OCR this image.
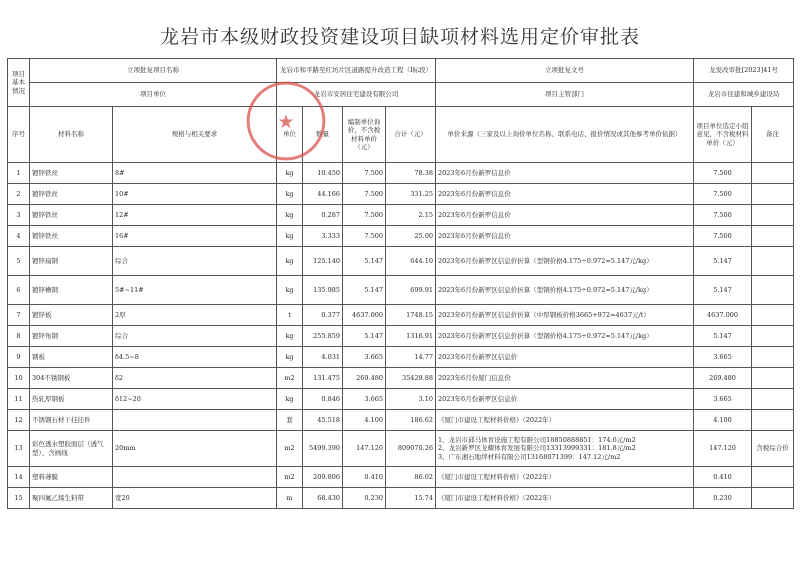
龙岩市本级财政投资建设项目缺项材料选用定价审批表
项目基本情况	立项批复项目名称		龙岩市和平路至红坊片区道路提升改造工程（Ⅰ标段）				立项批复文号	龙发改审批[2023]41号	
	项目单位		龙岩市安居住宅建设有限公司				项目主管部门	龙岩市住建和城乡建设局	
序号	材料名称	规格与相关要求	单位	数量	编制单位询价，不含税材料单价（元）	合计（元）	单价来源（三家及以上询价单位名称、联系电话、报价情况或其他参考单价依据）	项目单位选定小组意见，不含税材料单价（元）	备注
1	镀锌铁丝	8#	kg	10.450	7.500	78.38	2023年6月份新罗信息价	7.500	
2	镀锌铁丝	10#	kg	44.166	7.500	331.25	2023年6月份新罗信息价	7.500	
3	镀锌铁丝	12#	kg	0.287	7.500	2.15	2023年6月份新罗信息价	7.500	
4	镀锌铁丝	16#	kg	3.333	7.500	25.00	2023年6月份新罗信息价	7.500	
5	镀锌扁钢	综合	kg	125.140	5.147	644.10	2023年6月份新罗区信息价折算（型钢价格4.175÷0.972=5.147元/kg）	5.147	
6	镀锌槽钢	5#~11#	kg	135.985	5.147	699.91	2023年6月份新罗区信息价折算（型钢价格4.175÷0.972=5.147元/kg）	5.147	
7	镀锌板	2厚	t	0.377	4637.000	1748.15	2023年6月份新罗区信息价折算（中厚钢板价格3665+972=4637元/t）	4637.000	
8	镀锌角钢	综合	kg	255.859	5.147	1316.91	2023年6月份新罗区信息价折算（型钢价格4.175÷0.972=5.147元/kg）	5.147	
9	钢板	δ4.5~8	kg	4.031	3.665	14.77	2023年6月份新罗区信息价	3.665	
10	304不锈钢板	δ2	m2	131.475	269.480	35429.88	2023年6月份厦门信息价	269.480	
11	热轧厚钢板	δ12~20	kg	0.846	3.665	3.10	2023年6月份新罗区信息价	3.665	
12	不锈钢石材干挂挂件		套	45.518	4.100	186.62	《厦门市建设工程材料价格》（2022年）	4.100	
13	彩色透水塑胶面层（透气型）、含画线	20mm	m2	5499.390	147.120	809070.26	1、龙岩市邱马体育设施工程有限公司18850888851：174.6元/m2
2、龙岩新罗区龙耀体育发展有限公司13313999331：181.8元/m2
3、广东湘石地坪材料有限公司13168071399：147.12元/m2	147.120	含税综合价
14	塑料薄膜		m2	209.806	0.410	86.02	《厦门市建设工程材料价格》（2022年）	0.410	
15	聚四氟乙烯生料带	宽20	m	68.430	0.230	15.74	《厦门市建设工程材料价格》（2022年）	0.230	
★
